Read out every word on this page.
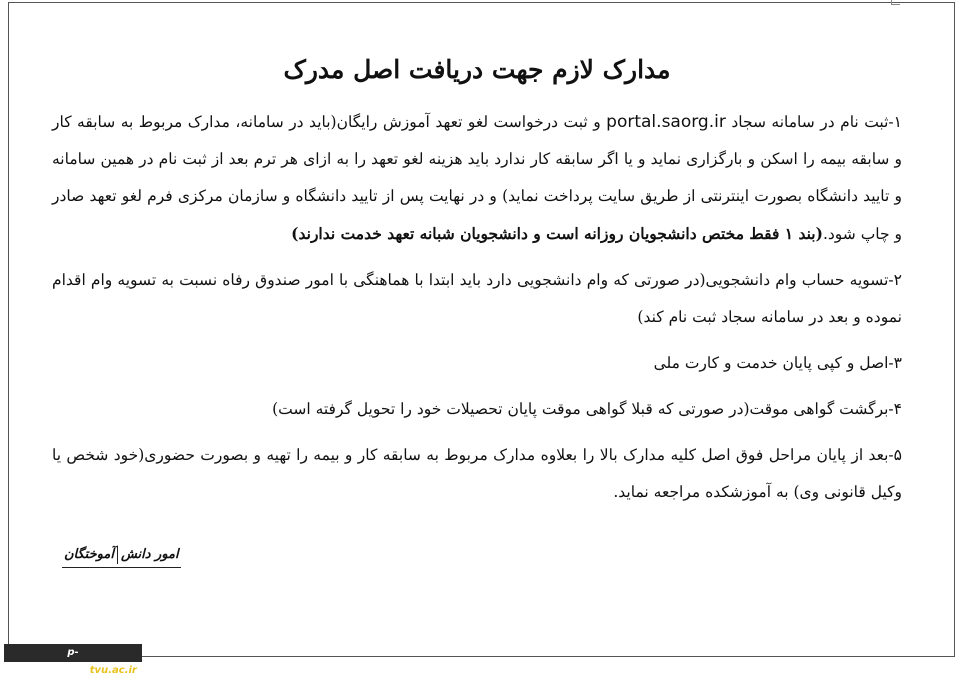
مدارک لازم جهت دریافت اصل مدرک

۱-ثبت نام در سامانه سجاد portal.saorg.ir و ثبت درخواست لغو تعهد آموزش رایگان(باید در سامانه، مدارک مربوط به سابقه کار و سابقه بیمه را اسکن و بارگزاری نماید و یا اگر سابقه کار ندارد باید هزینه لغو تعهد را به ازای هر ترم بعد از ثبت نام در همین سامانه و تایید دانشگاه بصورت اینترنتی از طریق سایت پرداخت نماید) و در نهایت پس از تایید دانشگاه و سازمان مرکزی فرم لغو تعهد صادر و چاپ شود.(بند ۱ فقط مختص دانشجویان روزانه است و دانشجویان شبانه تعهد خدمت ندارند)

۲-تسویه حساب وام دانشجویی(در صورتی که وام دانشجویی دارد باید ابتدا با هماهنگی با امور صندوق رفاه نسبت به تسویه وام اقدام نموده و بعد در سامانه سجاد ثبت نام کند)

۳-اصل و کپی پایان خدمت و کارت ملی

۴-برگشت گواهی موقت(در صورتی که قبلا گواهی موقت پایان تحصیلات خود را تحویل گرفته است)

۵-بعد از پایان مراحل فوق اصل کلیه مدارک بالا را بعلاوه مدارک مربوط به سابقه کار و بیمه را تهیه و بصورت حضوری(خود شخص یا وکیل قانونی وی) به آموزشکده مراجعه نماید.

امور دانشآموختگان
p-aliabadkatool.tvu.ac.ir
